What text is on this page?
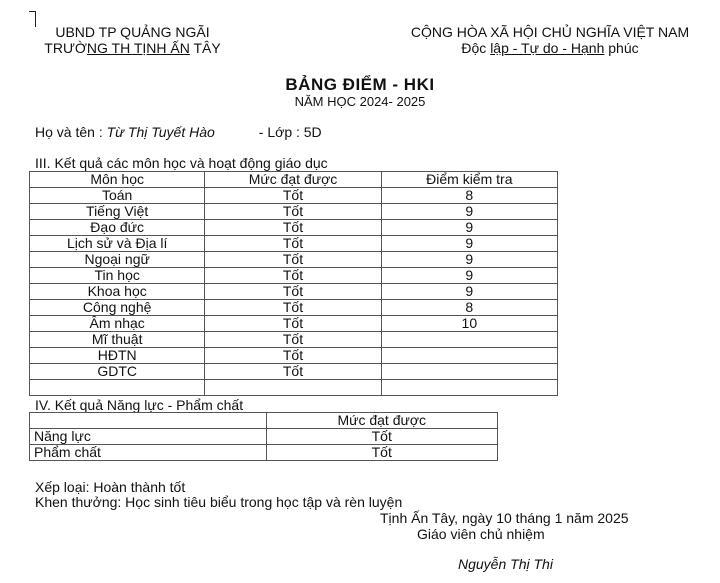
UBND TP QUẢNG NGÃI
TRƯỜNG TH TỊNH ẤN TÂY
CỘNG HÒA XÃ HỘI CHỦ NGHĨA VIỆT NAM
Độc lập - Tự do - Hạnh phúc
BẢNG ĐIỂM - HKI
NĂM HỌC 2024- 2025
Họ và tên : Từ Thị Tuyết Hào	- Lớp : 5D
III. Kết quả các môn học và hoạt động giáo dục
Môn học	Mức đạt được	Điểm kiểm tra
Toán	Tốt	8
Tiếng Việt	Tốt	9
Đạo đức	Tốt	9
Lịch sử và Địa lí	Tốt	9
Ngoại ngữ	Tốt	9
Tin học	Tốt	9
Khoa học	Tốt	9
Công nghệ	Tốt	8
Âm nhạc	Tốt	10
Mĩ thuật	Tốt	
HĐTN	Tốt	
GDTC	Tốt	

IV. Kết quả Năng lực - Phẩm chất
	Mức đạt được
Năng lực	Tốt
Phẩm chất	Tốt
Xếp loại: Hoàn thành tốt
Khen thưởng: Học sinh tiêu biểu trong học tập và rèn luyện
Tịnh Ấn Tây, ngày 10 tháng 1 năm 2025
Giáo viên chủ nhiệm
Nguyễn Thị Thi
